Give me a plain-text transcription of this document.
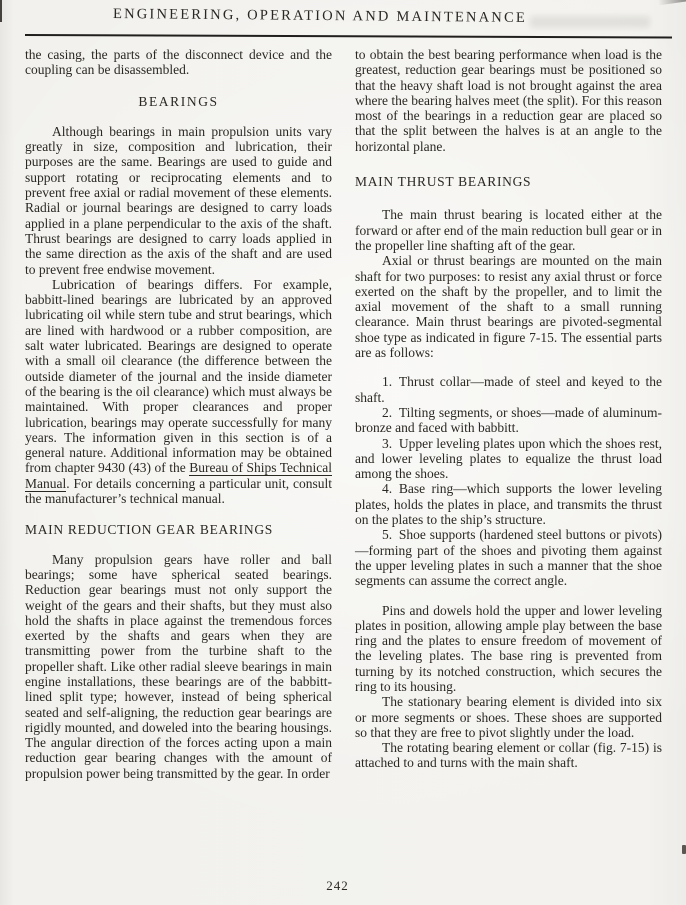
ENGINEERING, OPERATION AND MAINTENANCE

the casing, the parts of the disconnect device and the coupling can be disassembled.

BEARINGS

Although bearings in main propulsion units vary greatly in size, composition and lubrication, their purposes are the same. Bearings are used to guide and support rotating or reciprocating elements and to prevent free axial or radial movement of these elements. Radial or journal bearings are designed to carry loads applied in a plane perpendicular to the axis of the shaft. Thrust bearings are designed to carry loads applied in the same direction as the axis of the shaft and are used to prevent free endwise movement.

Lubrication of bearings differs. For example, babbitt-lined bearings are lubricated by an approved lubricating oil while stern tube and strut bearings, which are lined with hardwood or a rubber composition, are salt water lubricated. Bearings are designed to operate with a small oil clearance (the difference between the outside diameter of the journal and the inside diameter of the bearing is the oil clearance) which must always be maintained. With proper clearances and proper lubrication, bearings may operate successfully for many years. The information given in this section is of a general nature. Additional information may be obtained from chapter 9430 (43) of the Bureau of Ships Technical Manual. For details concerning a particular unit, consult the manufacturer’s technical manual.

MAIN REDUCTION GEAR BEARINGS

Many propulsion gears have roller and ball bearings; some have spherical seated bearings. Reduction gear bearings must not only support the weight of the gears and their shafts, but they must also hold the shafts in place against the tremendous forces exerted by the shafts and gears when they are transmitting power from the turbine shaft to the propeller shaft. Like other radial sleeve bearings in main engine installations, these bearings are of the babbitt-lined split type; however, instead of being spherical seated and self-aligning, the reduction gear bearings are rigidly mounted, and doweled into the bearing housings. The angular direction of the forces acting upon a main reduction gear bearing changes with the amount of propulsion power being transmitted by the gear. In order

to obtain the best bearing performance when load is the greatest, reduction gear bearings must be positioned so that the heavy shaft load is not brought against the area where the bearing halves meet (the split). For this reason most of the bearings in a reduction gear are placed so that the split between the halves is at an angle to the horizontal plane.

MAIN THRUST BEARINGS

The main thrust bearing is located either at the forward or after end of the main reduction bull gear or in the propeller line shafting aft of the gear.

Axial or thrust bearings are mounted on the main shaft for two purposes: to resist any axial thrust or force exerted on the shaft by the propeller, and to limit the axial movement of the shaft to a small running clearance. Main thrust bearings are pivoted-segmental shoe type as indicated in figure 7-15. The essential parts are as follows:

1. Thrust collar—made of steel and keyed to the shaft.

2. Tilting segments, or shoes—made of aluminum-bronze and faced with babbitt.

3. Upper leveling plates upon which the shoes rest, and lower leveling plates to equalize the thrust load among the shoes.

4. Base ring—which supports the lower leveling plates, holds the plates in place, and transmits the thrust on the plates to the ship’s structure.

5. Shoe supports (hardened steel buttons or pivots)—forming part of the shoes and pivoting them against the upper leveling plates in such a manner that the shoe segments can assume the correct angle.

Pins and dowels hold the upper and lower leveling plates in position, allowing ample play between the base ring and the plates to ensure freedom of movement of the leveling plates. The base ring is prevented from turning by its notched construction, which secures the ring to its housing.

The stationary bearing element is divided into six or more segments or shoes. These shoes are supported so that they are free to pivot slightly under the load.

The rotating bearing element or collar (fig. 7-15) is attached to and turns with the main shaft.

242
